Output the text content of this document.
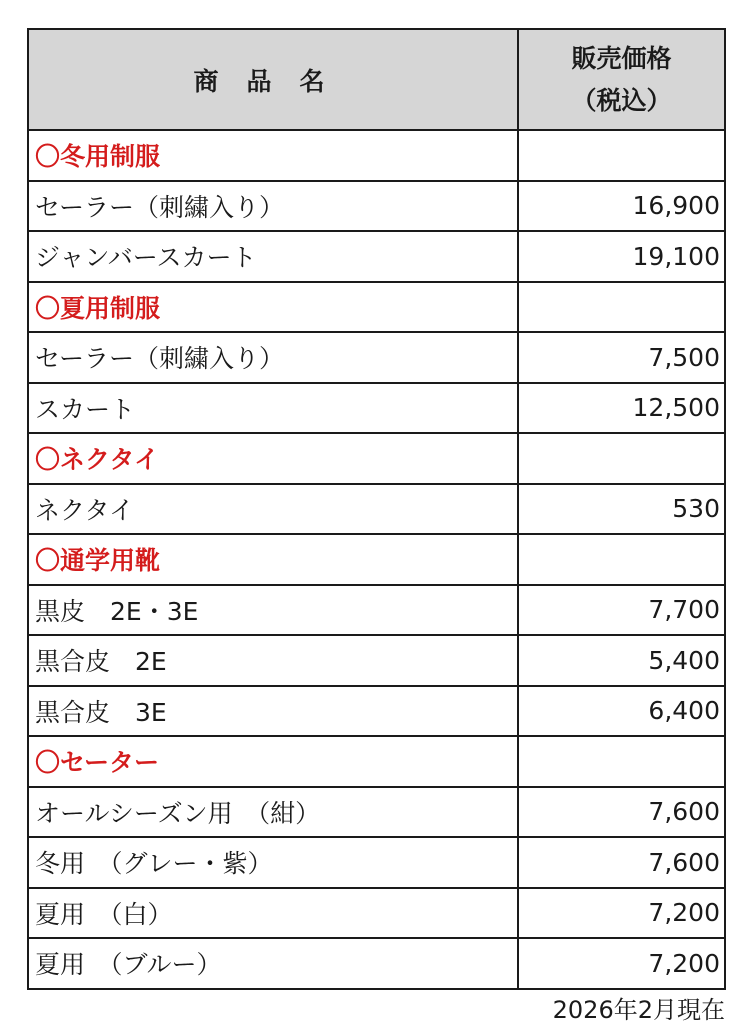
商品名	販売価格
（税込）

〇冬用制服	
セーラー（刺繍入り）	16,900
ジャンバースカート	19,100
〇夏用制服	
セーラー（刺繍入り）	7,500
スカート	12,500
〇ネクタイ	
ネクタイ	530
〇通学用靴	
黒皮　2E・3E	7,700
黒合皮　2E	5,400
黒合皮　3E	6,400
〇セーター	
オールシーズン用　（紺）	7,600
冬用　（グレー・紫）	7,600
夏用　（白）	7,200
夏用　（ブルー）	7,200
2026年2月現在
